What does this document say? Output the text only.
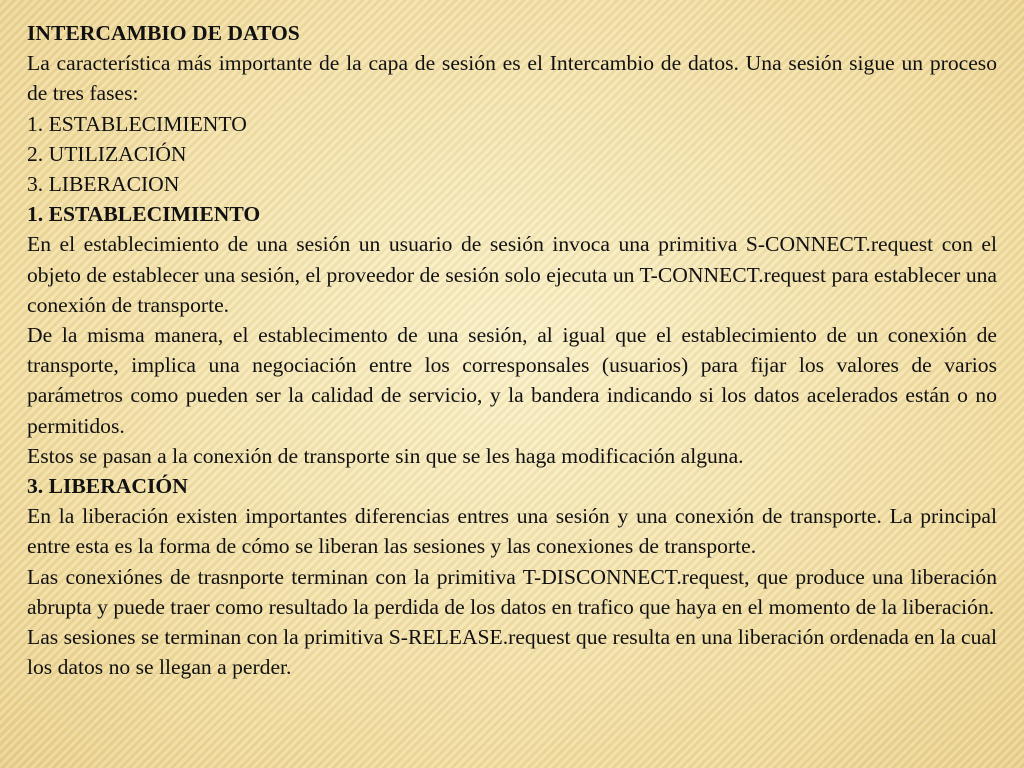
INTERCAMBIO DE DATOS

La característica más importante de la capa de sesión es el Intercambio de datos. Una sesión sigue un proceso de tres fases:

1. ESTABLECIMIENTO

2. UTILIZACIÓN

3. LIBERACION

1. ESTABLECIMIENTO

En el establecimiento de una sesión un usuario de sesión invoca una primitiva S-CONNECT.request con el objeto de establecer una sesión, el proveedor de sesión solo ejecuta un T-CONNECT.request para establecer una conexión de transporte.

De la misma manera, el establecimento de una sesión, al igual que el establecimiento de un conexión de transporte, implica una negociación entre los corresponsales (usuarios) para fijar los valores de varios parámetros como pueden ser la calidad de servicio, y la bandera indicando si los datos acelerados están o no permitidos.

Estos se pasan a la conexión de transporte sin que se les haga modificación alguna.

3. LIBERACIÓN

En la liberación existen importantes diferencias entres una sesión y una conexión de transporte. La principal entre esta es la forma de cómo se liberan las sesiones y las conexiones de transporte.

Las conexiónes de trasnporte terminan con la primitiva T-DISCONNECT.request, que produce una liberación abrupta y puede traer como resultado la perdida de los datos en trafico que haya en el momento de la liberación.

Las sesiones se terminan con la primitiva S-RELEASE.request que resulta en una liberación ordenada en la cual los datos no se llegan a perder.
